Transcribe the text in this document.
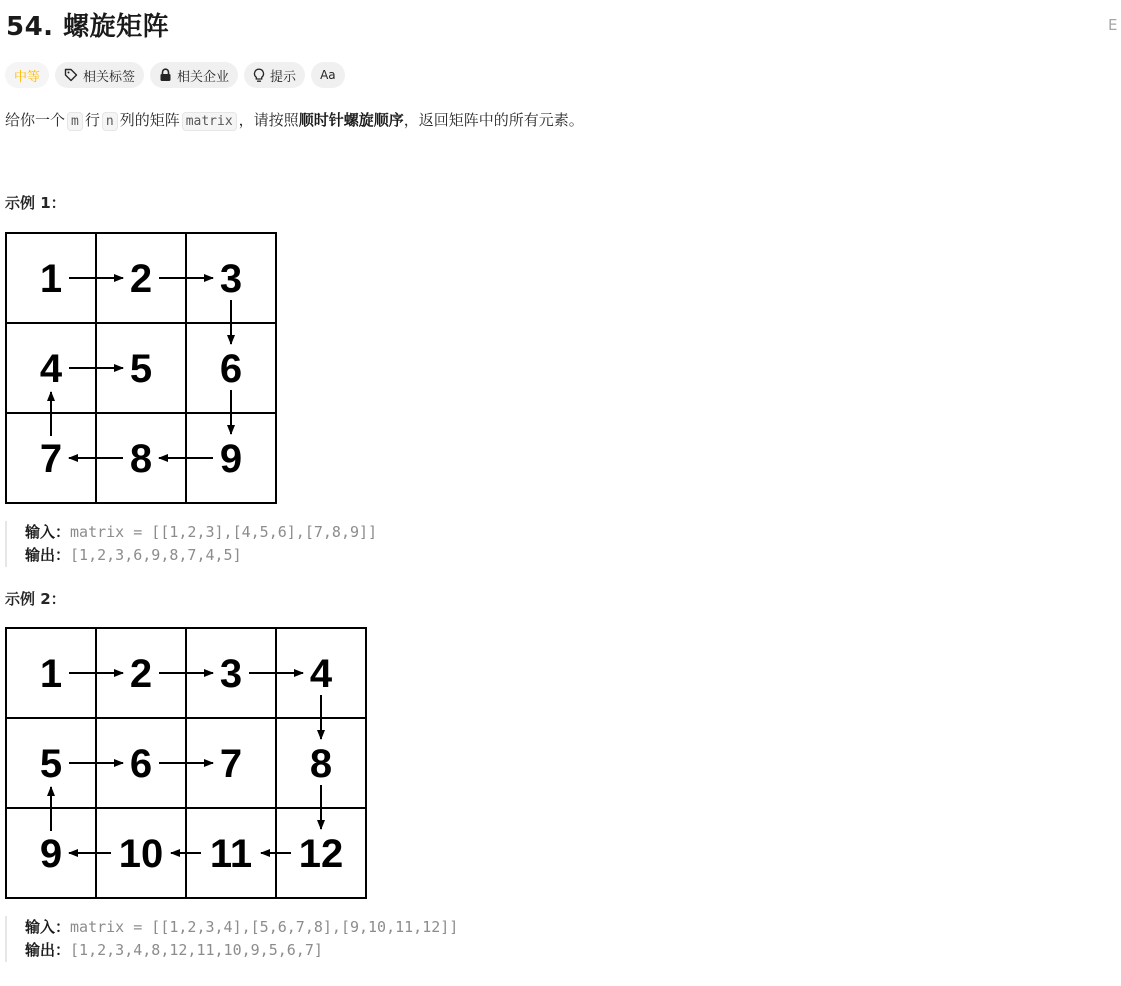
54. 螺旋矩阵	E
中等	相关标签	相关企业	提示 Aa
给你一个 m 行 n 列的矩阵 matrix ，请按照顺时针螺旋顺序，返回矩阵中的所有元素。
示例 1：
1 2 3
4 5 6
7 8 9
输入：matrix = [[1,2,3],[4,5,6],[7,8,9]]
输出：[1,2,3,6,9,8,7,4,5]
示例 2：
1 2 3 4
5 6 7 8
9 10 11 12
输入：matrix = [[1,2,3,4],[5,6,7,8],[9,10,11,12]]
输出：[1,2,3,4,8,12,11,10,9,5,6,7]
